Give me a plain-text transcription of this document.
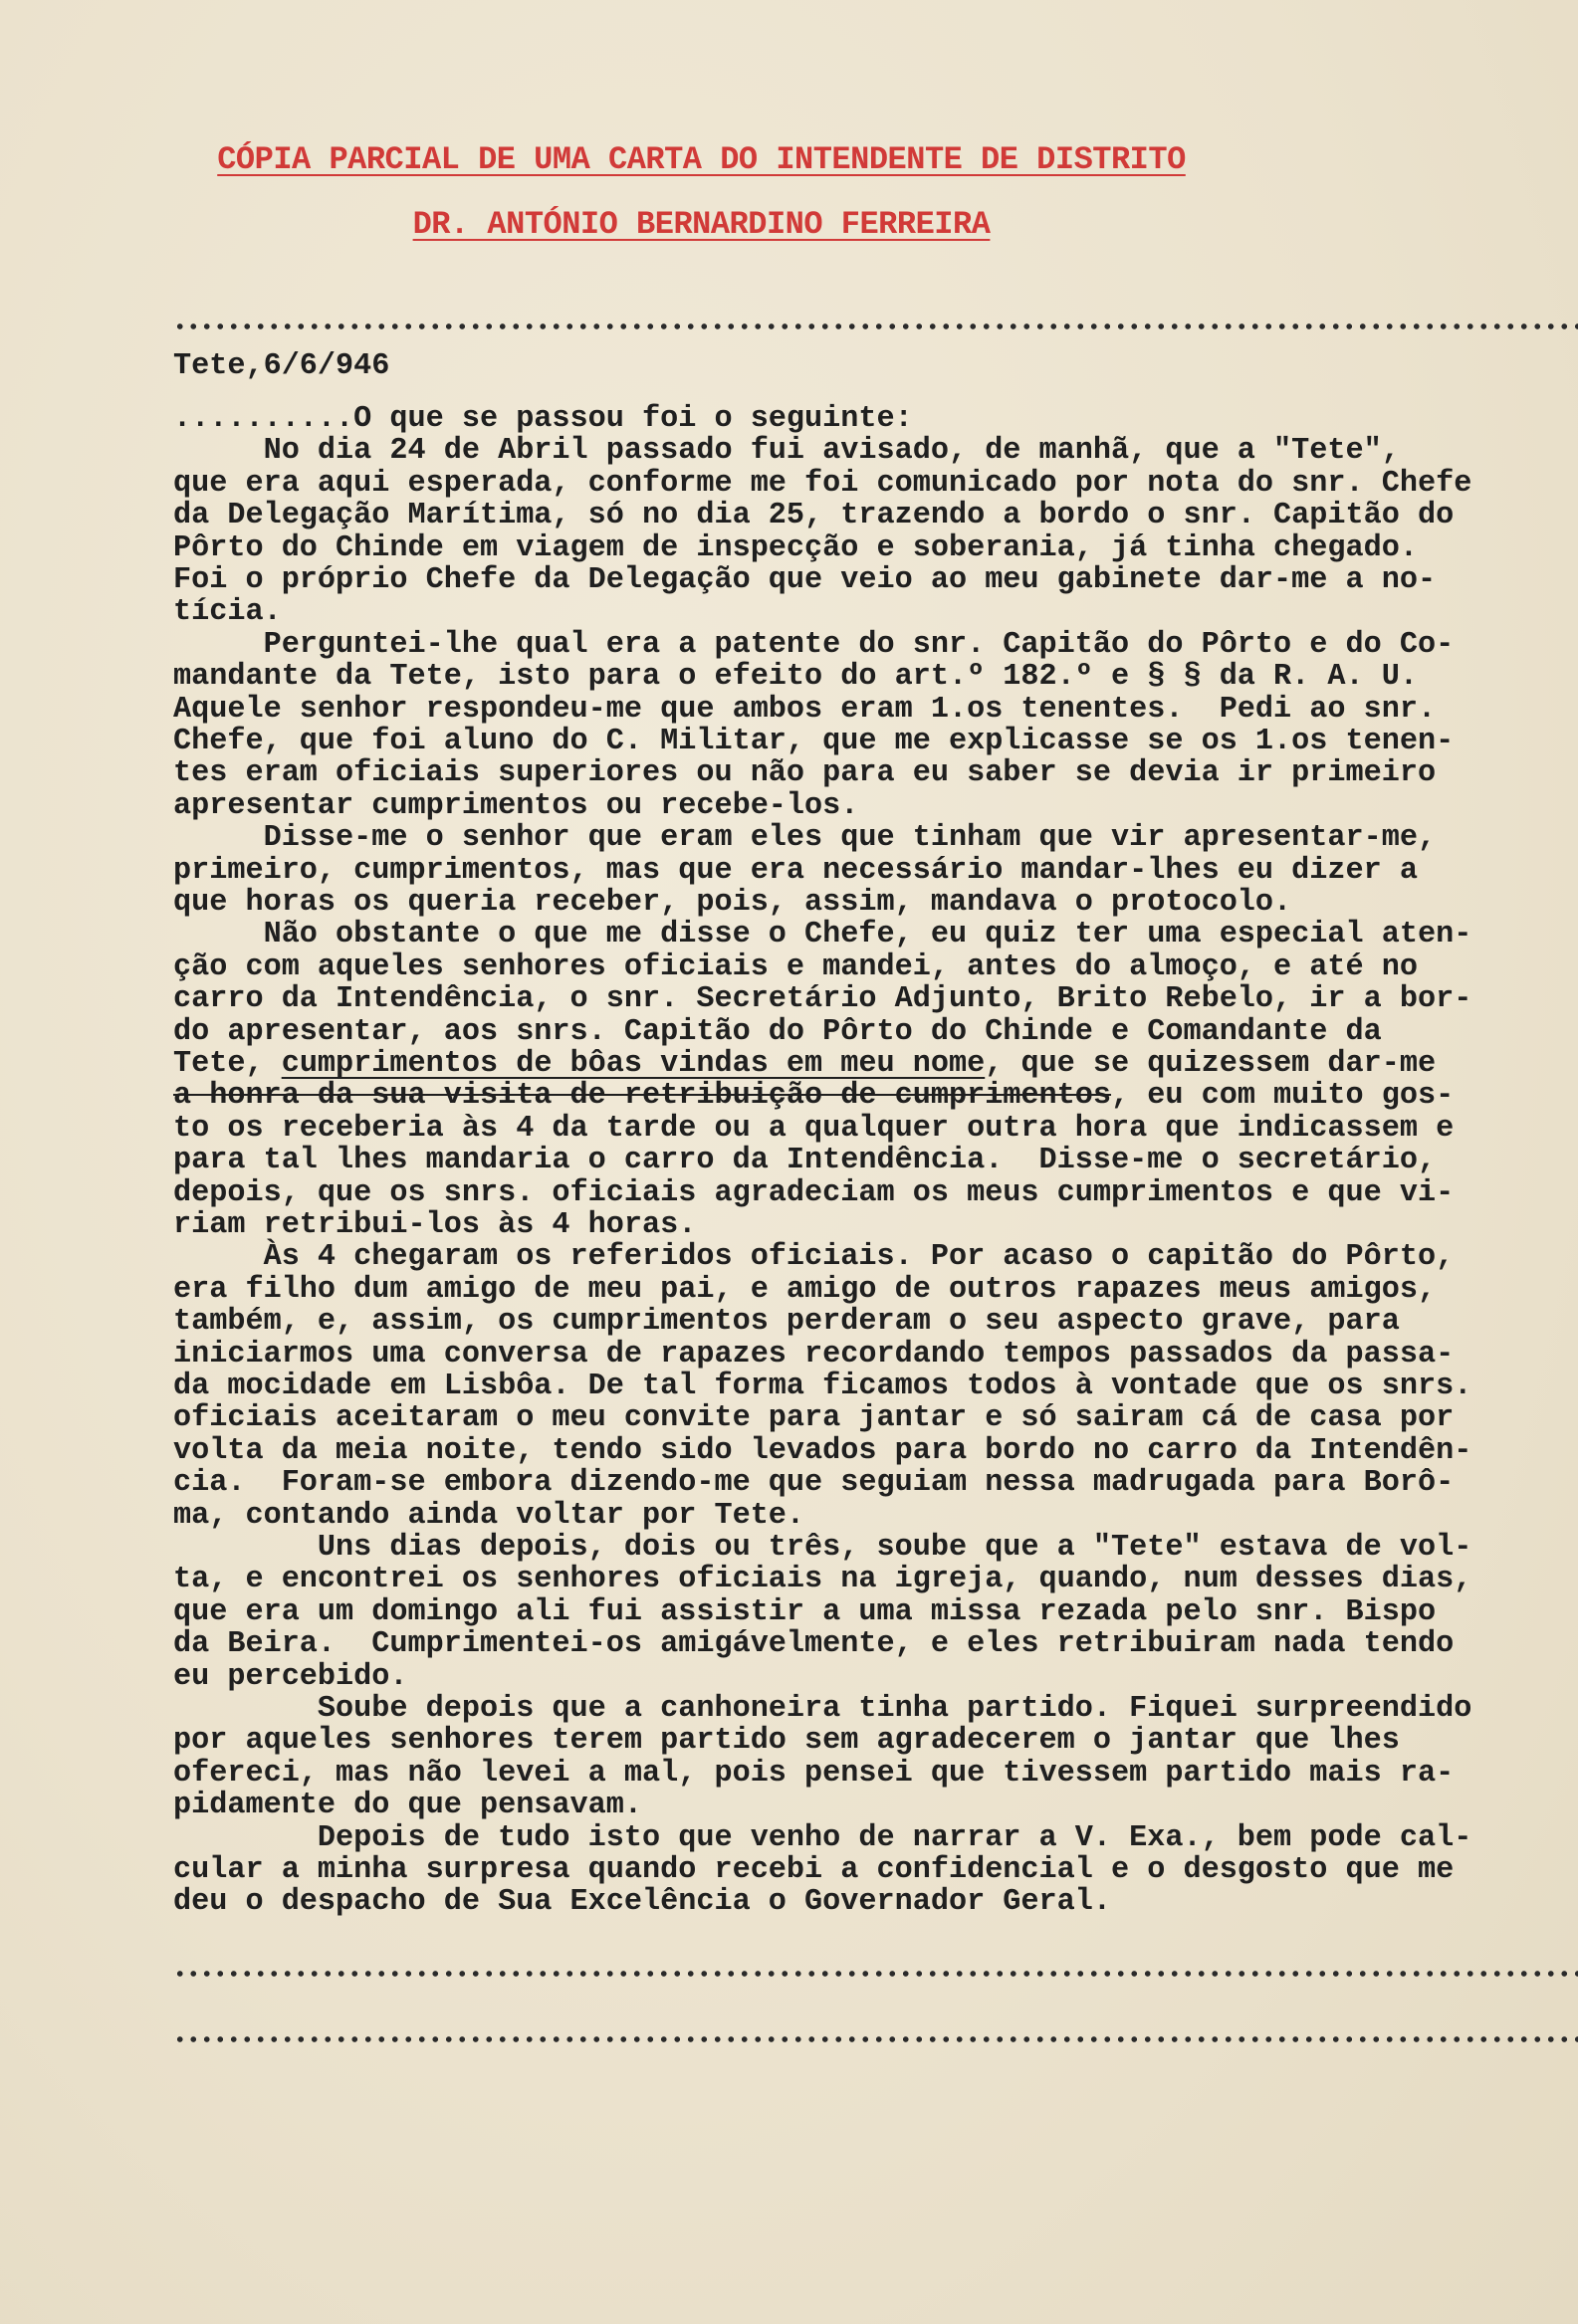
CÓPIA PARCIAL DE UMA CARTA DO INTENDENTE DE DISTRITO
DR. ANTÓNIO BERNARDINO FERREIRA
Tete,6/6/946
..........O que se passou foi o seguinte:
No dia 24 de Abril passado fui avisado, de manhã, que a "Tete",
que era aqui esperada, conforme me foi comunicado por nota do snr. Chefe
da Delegação Marítima, só no dia 25, trazendo a bordo o snr. Capitão do
Pôrto do Chinde em viagem de inspecção e soberania, já tinha chegado.
Foi o próprio Chefe da Delegação que veio ao meu gabinete dar-me a no-
tícia.
Perguntei-lhe qual era a patente do snr. Capitão do Pôrto e do Co-
mandante da Tete, isto para o efeito do art.º 182.º e § § da R. A. U.
Aquele senhor respondeu-me que ambos eram 1.os tenentes.  Pedi ao snr.
Chefe, que foi aluno do C. Militar, que me explicasse se os 1.os tenen-
tes eram oficiais superiores ou não para eu saber se devia ir primeiro
apresentar cumprimentos ou recebe-los.
Disse-me o senhor que eram eles que tinham que vir apresentar-me,
primeiro, cumprimentos, mas que era necessário mandar-lhes eu dizer a
que horas os queria receber, pois, assim, mandava o protocolo.
Não obstante o que me disse o Chefe, eu quiz ter uma especial aten-
ção com aqueles senhores oficiais e mandei, antes do almoço, e até no
carro da Intendência, o snr. Secretário Adjunto, Brito Rebelo, ir a bor-
do apresentar, aos snrs. Capitão do Pôrto do Chinde e Comandante da
Tete, cumprimentos de bôas vindas em meu nome, que se quizessem dar-me
a honra da sua visita de retribuição de cumprimentos, eu com muito gos-
to os receberia às 4 da tarde ou a qualquer outra hora que indicassem e
para tal lhes mandaria o carro da Intendência.  Disse-me o secretário,
depois, que os snrs. oficiais agradeciam os meus cumprimentos e que vi-
riam retribui-los às 4 horas.
Às 4 chegaram os referidos oficiais. Por acaso o capitão do Pôrto,
era filho dum amigo de meu pai, e amigo de outros rapazes meus amigos,
também, e, assim, os cumprimentos perderam o seu aspecto grave, para
iniciarmos uma conversa de rapazes recordando tempos passados da passa-
da mocidade em Lisbôa. De tal forma ficamos todos à vontade que os snrs.
oficiais aceitaram o meu convite para jantar e só sairam cá de casa por
volta da meia noite, tendo sido levados para bordo no carro da Intendên-
cia.  Foram-se embora dizendo-me que seguiam nessa madrugada para Borô-
ma, contando ainda voltar por Tete.
Uns dias depois, dois ou três, soube que a "Tete" estava de vol-
ta, e encontrei os senhores oficiais na igreja, quando, num desses dias,
que era um domingo ali fui assistir a uma missa rezada pelo snr. Bispo
da Beira.  Cumprimentei-os amigávelmente, e eles retribuiram nada tendo
eu percebido.
Soube depois que a canhoneira tinha partido. Fiquei surpreendido
por aqueles senhores terem partido sem agradecerem o jantar que lhes
ofereci, mas não levei a mal, pois pensei que tivessem partido mais ra-
pidamente do que pensavam.
Depois de tudo isto que venho de narrar a V. Exa., bem pode cal-
cular a minha surpresa quando recebi a confidencial e o desgosto que me
deu o despacho de Sua Excelência o Governador Geral.
